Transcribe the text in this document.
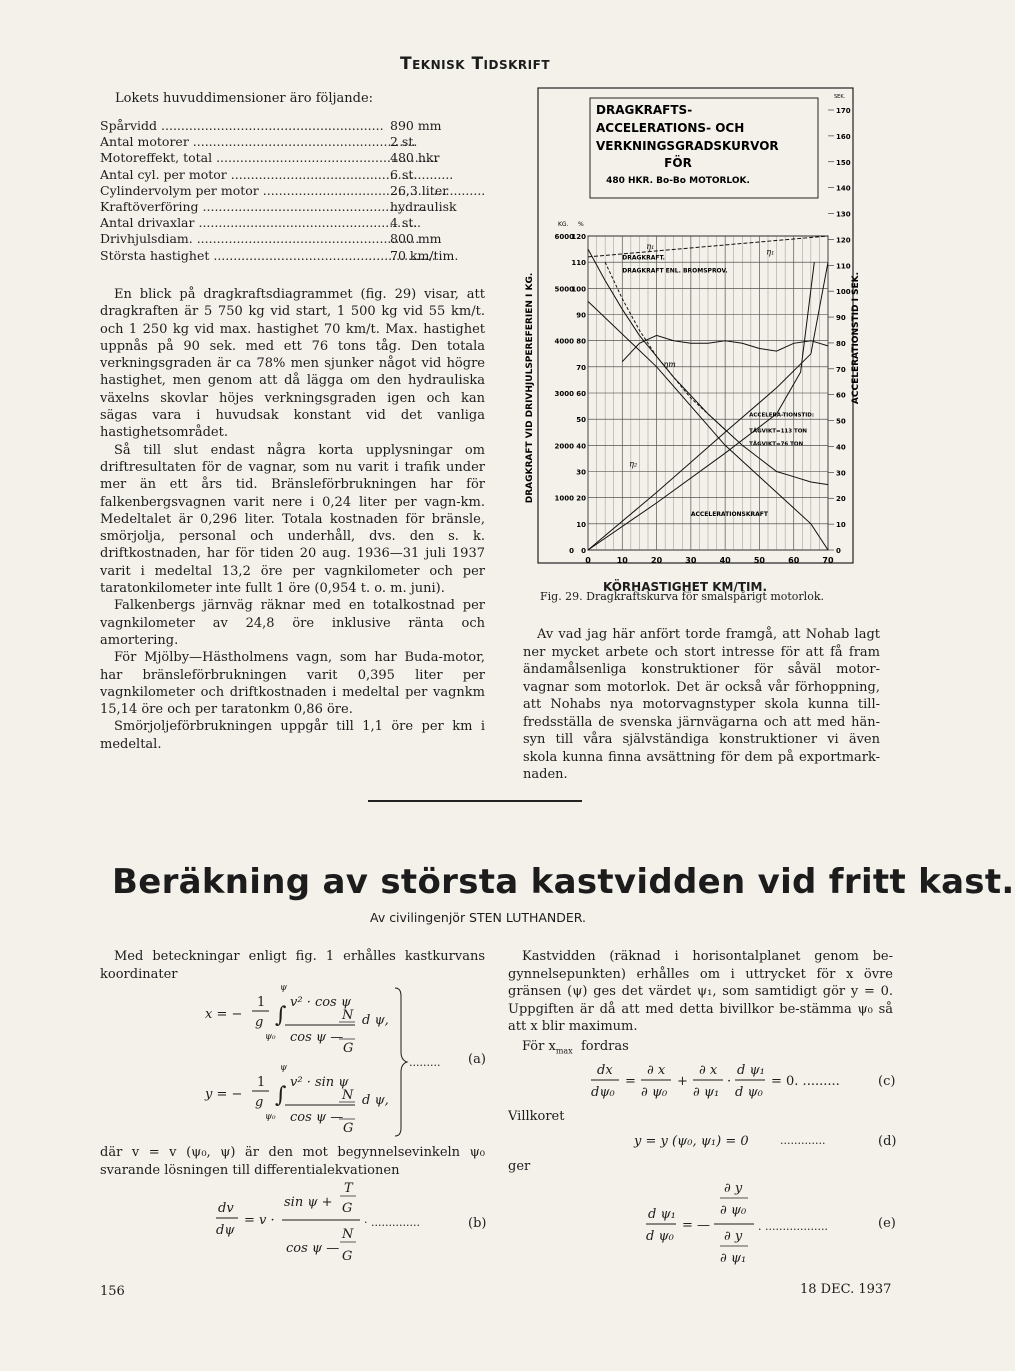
Teknisk Tidskrift
Lokets huvuddimensioner äro följande:
Spårvidd .....	890 mm
Antal motorer .....	2 st.
Motoreffekt, total .....	480 hkr
Antal cyl. per motor .....	6 st.
Cylindervolym per motor .....	26,3 liter
Kraftöverföring .....	hydraulisk
Antal drivaxlar .....	4 st.
Drivhjulsdiam. .....	800 mm
Största hastighet .....	70 km/tim.

En blick på dragkraftsdiagrammet (fig. 29) visar, att dragkraften är 5 750 kg vid start, 1 500 kg vid 55 km/t. och 1 250 kg vid max. hastighet 70 km/t. Max. hastighet uppnås på 90 sek. med ett 76 tons tåg. Den totala verkningsgraden är ca 78% men sjunker något vid högre hastighet, men genom att då lägga om den hydrauliska växelns skovlar höjes verkningsgraden igen och kan sägas vara i huvudsak konstant vid det vanliga hastighetsområdet.

Så till slut endast några korta upplysningar om driftresultaten för de vagnar, som nu varit i trafik under mer än ett års tid. Bränsleförbrukningen har för falkenbergsvagnen varit nere i 0,24 liter per vagn-km. Medeltalet är 0,296 liter. Totala kostnaden för bränsle, smörjolja, personal och underhåll, dvs. den s. k. driftkostnaden, har för tiden 20 aug. 1936—31 juli 1937 varit i medeltal 13,2 öre per vagnkilometer och per taratonkilometer inte fullt 1 öre (0,954 t. o. m. juni).

Falkenbergs järnväg räknar med en totalkostnad per vagnkilometer av 24,8 öre inklusive ränta och amortering.

För Mjölby—Hästholmens vagn, som har Buda-motor, har bränsleförbrukningen varit 0,395 liter per vagnkilometer och driftkostnaden i medeltal per vagnkm 15,14 öre och per taratonkm 0,86 öre.

Smörjoljeförbrukningen uppgår till 1,1 öre per km i medeltal.

120
110
100
90
80
70
60
50
40
30
20
10
0
6000
5000
4000
3000
2000
1000
0
KG. %
170
160
150
140
130
120
110
100
90
80
70
60
50
40
30
20
10
0
SEK.
0	10	20	30	40	50	60	70
DRAGKRAFT VID DRIVHJULSPEREFERIEN I KG.	ACCELERATIONSTID I SEK.
DRAGKRAFTS-
ACCELERATIONS- OCH
VERKNINGSGRADSKURVOR
FÖR
480 HKR. Bo-Bo MOTORLOK.
DRAGKRAFT.
DRAGKRAFT ENL. BROMSPROV.
η₁
η₁
ηm
η₂
ACCELERA-TIONSTID:
TÅGVIKT=113 TON
TÅGVIKT=76 TON
ACCELERATIONSKRAFT
KÖRHASTIGHET KM/TIM.
Fig. 29. Dragkraftskurva för smalspårigt motorlok.
Av vad jag här anfört torde framgå, att Nohab lagt ner mycket arbete och stort intresse för att få fram ändamålsenliga konstruktioner för såväl motor-vagnar som motorlok. Det är också vår förhoppning, att Nohabs nya motorvagnstyper skola kunna till-fredsställa de svenska järnvägarna och att med hän-syn till våra självständiga konstruktioner vi även skola kunna finna avsättning för dem på exportmark-naden.
Beräkning av största kastvidden vid fritt kast.
Av civilingenjör STEN LUTHANDER.
Med beteckningar enligt fig. 1 erhålles kastkurvans koordinater
x = −
1
g ∫
ψ
ψ₀
v² · cos ψ
cos ψ —
N
G
d ψ,
y = −
1
g ∫
ψ
ψ₀
v² · sin ψ
cos ψ —
N
G
d ψ,
......... (a)
där v = v (ψ₀, ψ) är den mot begynnelsevinkeln ψ₀ svarande lösningen till differentialekvationen
dv
dψ
= v ·
sin ψ +
T
G
cos ψ —
N
G
· ..............	(b)
Kastvidden (räknad i horisontalplanet genom be-gynnelsepunkten) erhålles om i uttrycket för x övre gränsen (ψ) ges det värdet ψ₁, som samtidigt gör y = 0. Uppgiften är då att med detta bivillkor be-stämma ψ₀ så att x blir maximum.
För $x_{max}$ fordras
dx
dψ₀
=
∂ x
∂ ψ₀
+
∂ x
∂ ψ₁
·
d ψ₁
d ψ₀
= 0. .........	(c)
Villkoret
y = y (ψ₀, ψ₁) = 0	.............	(d)
ger
d ψ₁
d ψ₀
= —
∂ y
∂ ψ₀
∂ y
∂ ψ₁
. ..................	(e)
156	18 DEC. 1937
